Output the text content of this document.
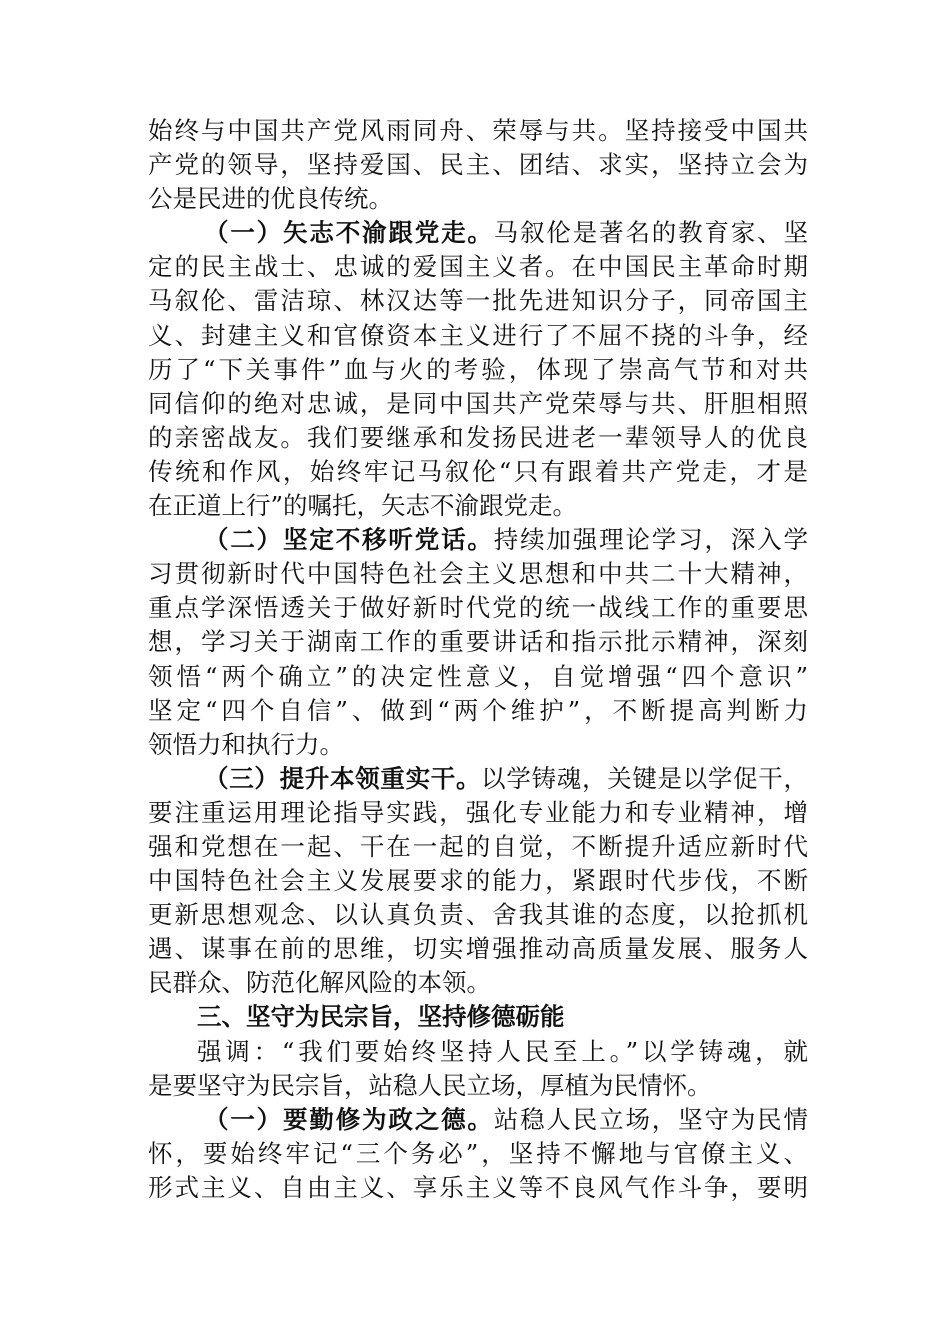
始终与中国共产党风雨同舟、荣辱与共。坚持接受中国共
产党的领导，坚持爱国、民主、团结、求实，坚持立会为
公是民进的优良传统。
（一）矢志不渝跟党走。马叙伦是著名的教育家、坚
定的民主战士、忠诚的爱国主义者。在中国民主革命时期
马叙伦、雷洁琼、林汉达等一批先进知识分子，同帝国主
义、封建主义和官僚资本主义进行了不屈不挠的斗争，经
历了“下关事件”血与火的考验，体现了崇高气节和对共
同信仰的绝对忠诚，是同中国共产党荣辱与共、肝胆相照
的亲密战友。我们要继承和发扬民进老一辈领导人的优良
传统和作风，始终牢记马叙伦“只有跟着共产党走，才是
在正道上行”的嘱托，矢志不渝跟党走。
（二）坚定不移听党话。持续加强理论学习，深入学
习贯彻新时代中国特色社会主义思想和中共二十大精神，
重点学深悟透关于做好新时代党的统一战线工作的重要思
想，学习关于湖南工作的重要讲话和指示批示精神，深刻
领悟“两个确立”的决定性意义，自觉增强“四个意识”
坚定“四个自信”、做到“两个维护”，不断提高判断力
领悟力和执行力。
（三）提升本领重实干。以学铸魂，关键是以学促干，
要注重运用理论指导实践，强化专业能力和专业精神，增
强和党想在一起、干在一起的自觉，不断提升适应新时代
中国特色社会主义发展要求的能力，紧跟时代步伐，不断
更新思想观念、以认真负责、舍我其谁的态度，以抢抓机
遇、谋事在前的思维，切实增强推动高质量发展、服务人
民群众、防范化解风险的本领。
三、坚守为民宗旨，坚持修德砺能
强调：“我们要始终坚持人民至上。”以学铸魂，就
是要坚守为民宗旨，站稳人民立场，厚植为民情怀。
（一）要勤修为政之德。站稳人民立场，坚守为民情
怀，要始终牢记“三个务必”，坚持不懈地与官僚主义、
形式主义、自由主义、享乐主义等不良风气作斗争，要明
